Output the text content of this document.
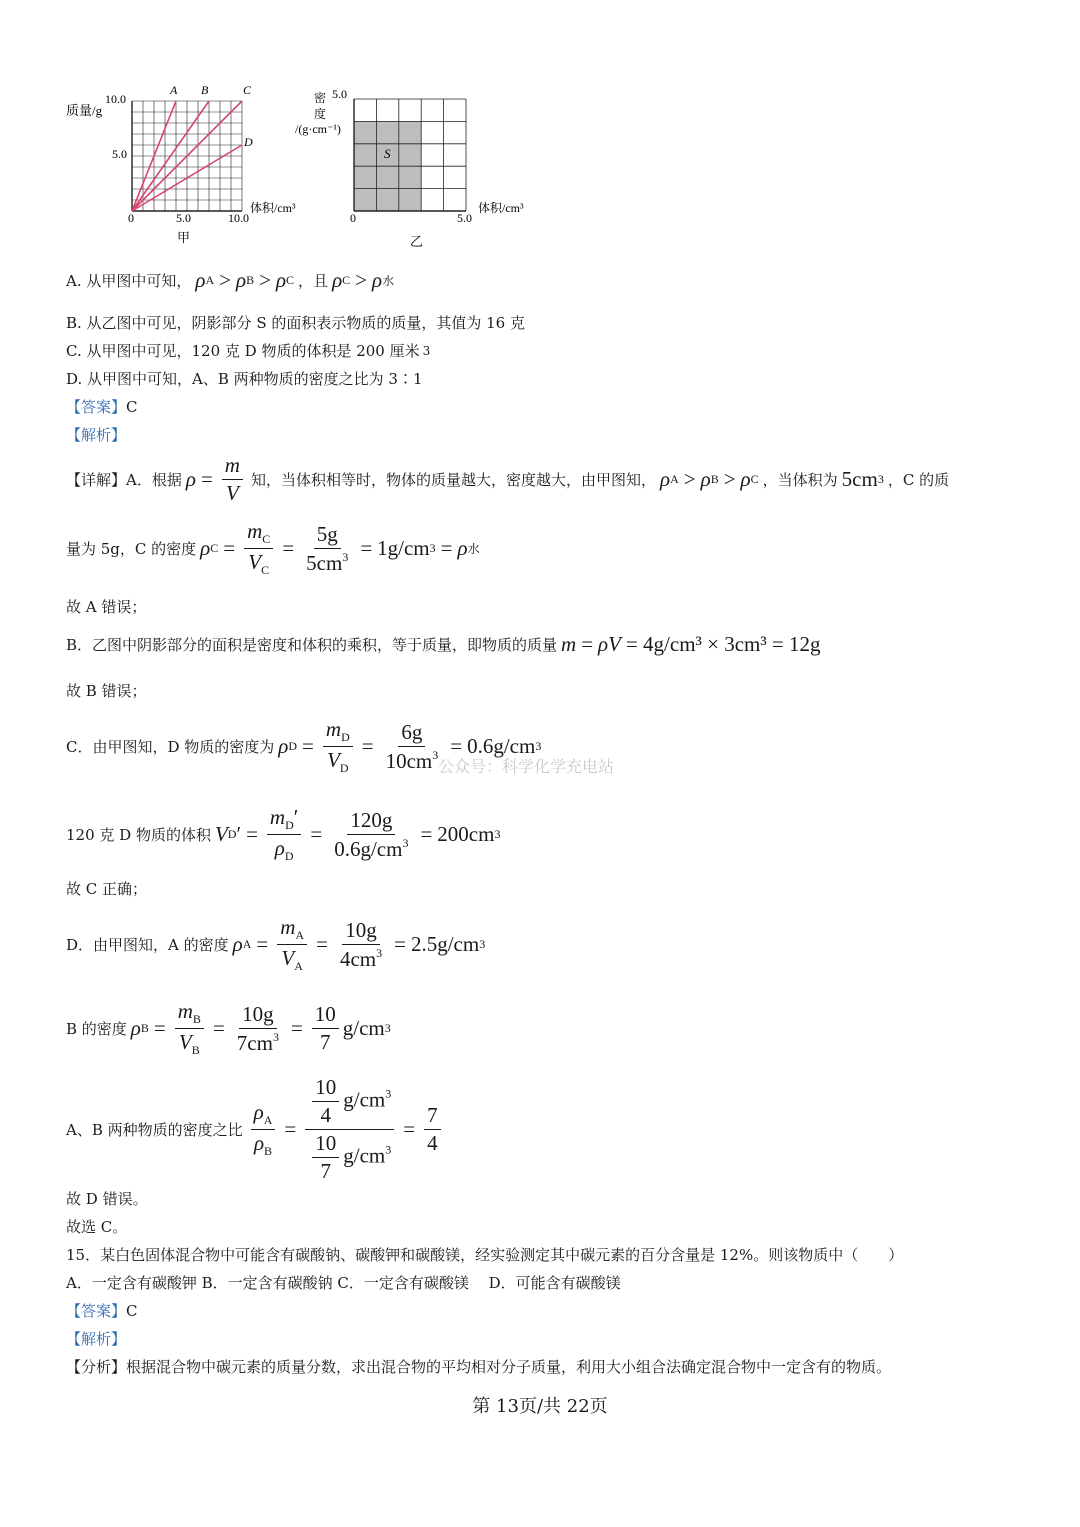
质量/g
10.0
5.0
0	5.0	10.0
体积/cm³
A B	C
D
甲
密
度
/(g·cm⁻¹)
5.0
0	5.0
体积/cm³
S
乙
A. 从甲图中可知， ρ A > ρ B > ρ C ，且 ρ C > ρ 水
B. 从乙图中可见，阴影部分 S 的面积表示物质的质量，其值为 16 克
C. 从甲图中可见，120 克 D 物质的体积是 200 厘米 3
D. 从甲图中可知，A、B 两种物质的密度之比为 3∶1
【答案】 C
【解析】
【详解】 A．根据 $\rho = \frac{m}{V}$ 知，当体积相等时，物体的质量越大，密度越大，由甲图知， ρ A > ρ B > ρ C ，当体积为 5cm 3 ，C 的质
量为 5g，C 的密度 ρ $C = \frac{m_C}{V_C} = \frac{5g}{5cm^3} = 1g/cm$ 3 = ρ 水
故 A 错误；
B．乙图中阴影部分的面积是密度和体积的乘积，等于质量，即物质的质量 m = ρV = 4g/cm³ × 3cm³ = 12g
故 B 错误；
C．由甲图知，D 物质的密度为 ρ $D = \frac{m_D}{V_D} = \frac{6g}{10cm^3} = 0.6g/cm$ 3
公众号：科学化学充电站
120 克 D 物质的体积 V D ′ = $\frac{m_D'}{\rho_D} = \frac{120g}{0.6g/cm^3} = 200cm$ 3
故 C 正确；
D．由甲图知，A 的密度 ρ $A = \frac{m_A}{V_A} = \frac{10g}{4cm^3} = 2.5g/cm$ 3
B 的密度 ρ $B = \frac{m_B}{V_B} = \frac{10g}{7cm^3} = \frac{10}{7} g/cm$ 3
A、B 两种物质的密度之比 $\frac{\rho_A}{\rho_B} = \frac{\frac{10}{4} g/cm^3}{\frac{10}{7} g/cm^3} = \frac{7}{4}$
故 D 错误。
故选 C。
15．某白色固体混合物中可能含有碳酸钠、碳酸钾和碳酸镁，经实验测定其中碳元素的百分含量是 12%。则该物质中（　　）
A．一定含有碳酸钾 B．一定含有碳酸钠 C．一定含有碳酸镁　 D．可能含有碳酸镁
【答案】 C
【解析】
【分析】 根据混合物中碳元素的质量分数，求出混合物的平均相对分子质量，利用大小组合法确定混合物中一定含有的物质。
第 13页/共 22页
